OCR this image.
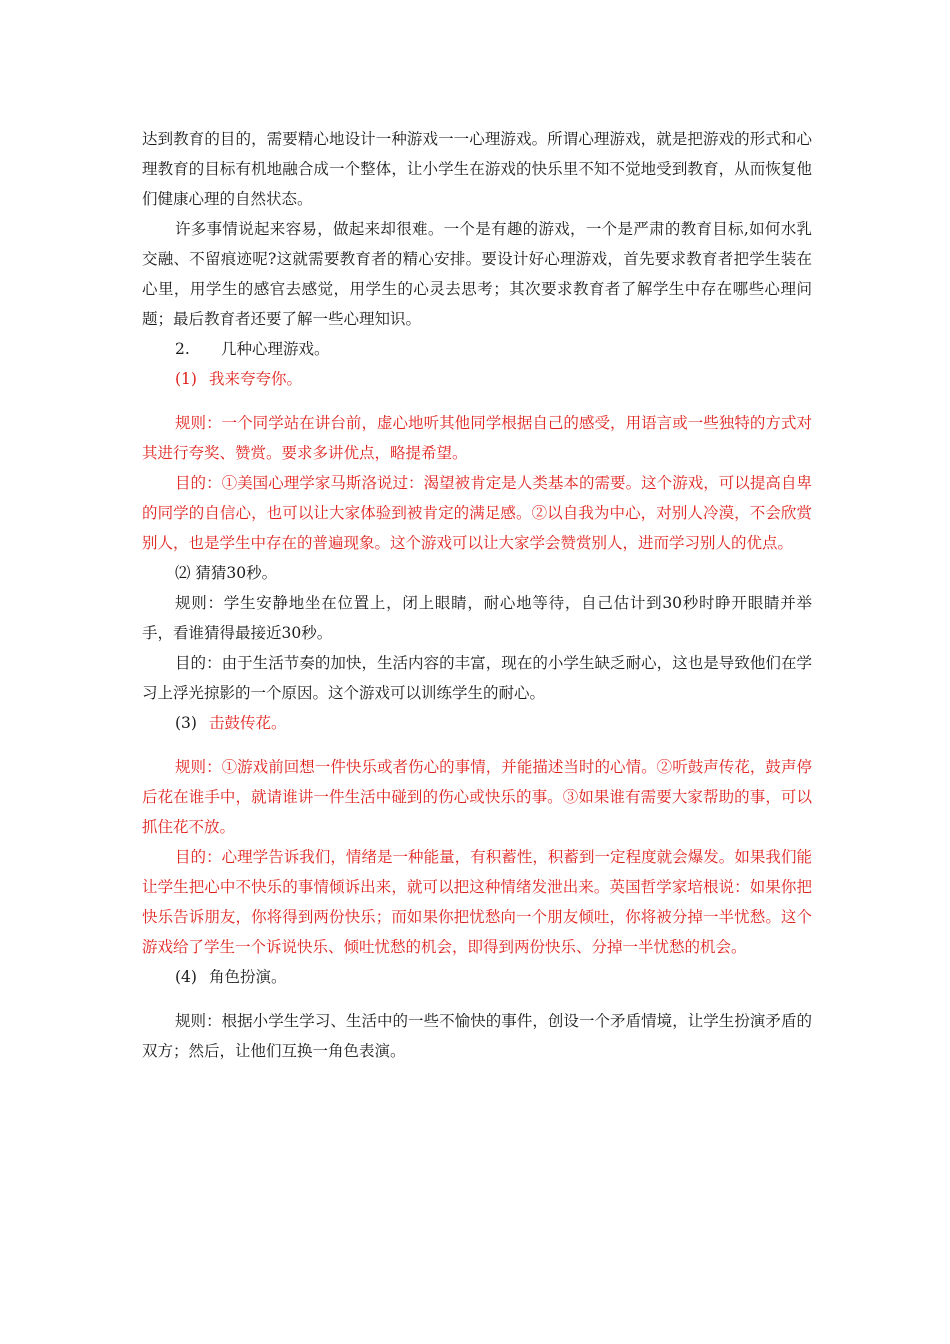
达到教育的目的，需要精心地设计一种游戏一一心理游戏。所谓心理游戏，就是把游戏的形式和心理教育的目标有机地融合成一个整体，让小学生在游戏的快乐里不知不觉地受到教育，从而恢复他们健康心理的自然状态。

许多事情说起来容易，做起来却很难。一个是有趣的游戏，一个是严肃的教育目标,如何水乳交融、不留痕迹呢?这就需要教育者的精心安排。要设计好心理游戏，首先要求教育者把学生装在心里，用学生的感官去感觉，用学生的心灵去思考；其次要求教育者了解学生中存在哪些心理问题；最后教育者还要了解一些心理知识。

2. 几种心理游戏。

(1) 我来夸夸你。

规则：一个同学站在讲台前，虚心地听其他同学根据自己的感受，用语言或一些独特的方式对其进行夸奖、赞赏。要求多讲优点，略提希望。

目的：①美国心理学家马斯洛说过：渴望被肯定是人类基本的需要。这个游戏，可以提高自卑的同学的自信心，也可以让大家体验到被肯定的满足感。②以自我为中心，对别人冷漠，不会欣赏别人，也是学生中存在的普遍现象。这个游戏可以让大家学会赞赏别人，进而学习别人的优点。

⑵ 猜猜30秒。

规则：学生安静地坐在位置上，闭上眼睛，耐心地等待，自己估计到30秒时睁开眼睛并举手，看谁猜得最接近30秒。

目的：由于生活节奏的加快，生活内容的丰富，现在的小学生缺乏耐心，这也是导致他们在学习上浮光掠影的一个原因。这个游戏可以训练学生的耐心。

(3) 击鼓传花。

规则：①游戏前回想一件快乐或者伤心的事情，并能描述当时的心情。②听鼓声传花，鼓声停后花在谁手中，就请谁讲一件生活中碰到的伤心或快乐的事。③如果谁有需要大家帮助的事，可以抓住花不放。

目的：心理学告诉我们，情绪是一种能量，有积蓄性，积蓄到一定程度就会爆发。如果我们能让学生把心中不快乐的事情倾诉出来，就可以把这种情绪发泄出来。英国哲学家培根说：如果你把快乐告诉朋友，你将得到两份快乐；而如果你把忧愁向一个朋友倾吐，你将被分掉一半忧愁。这个游戏给了学生一个诉说快乐、倾吐忧愁的机会，即得到两份快乐、分掉一半忧愁的机会。

(4) 角色扮演。

规则：根据小学生学习、生活中的一些不愉快的事件，创设一个矛盾情境，让学生扮演矛盾的双方；然后，让他们互换一角色表演。
